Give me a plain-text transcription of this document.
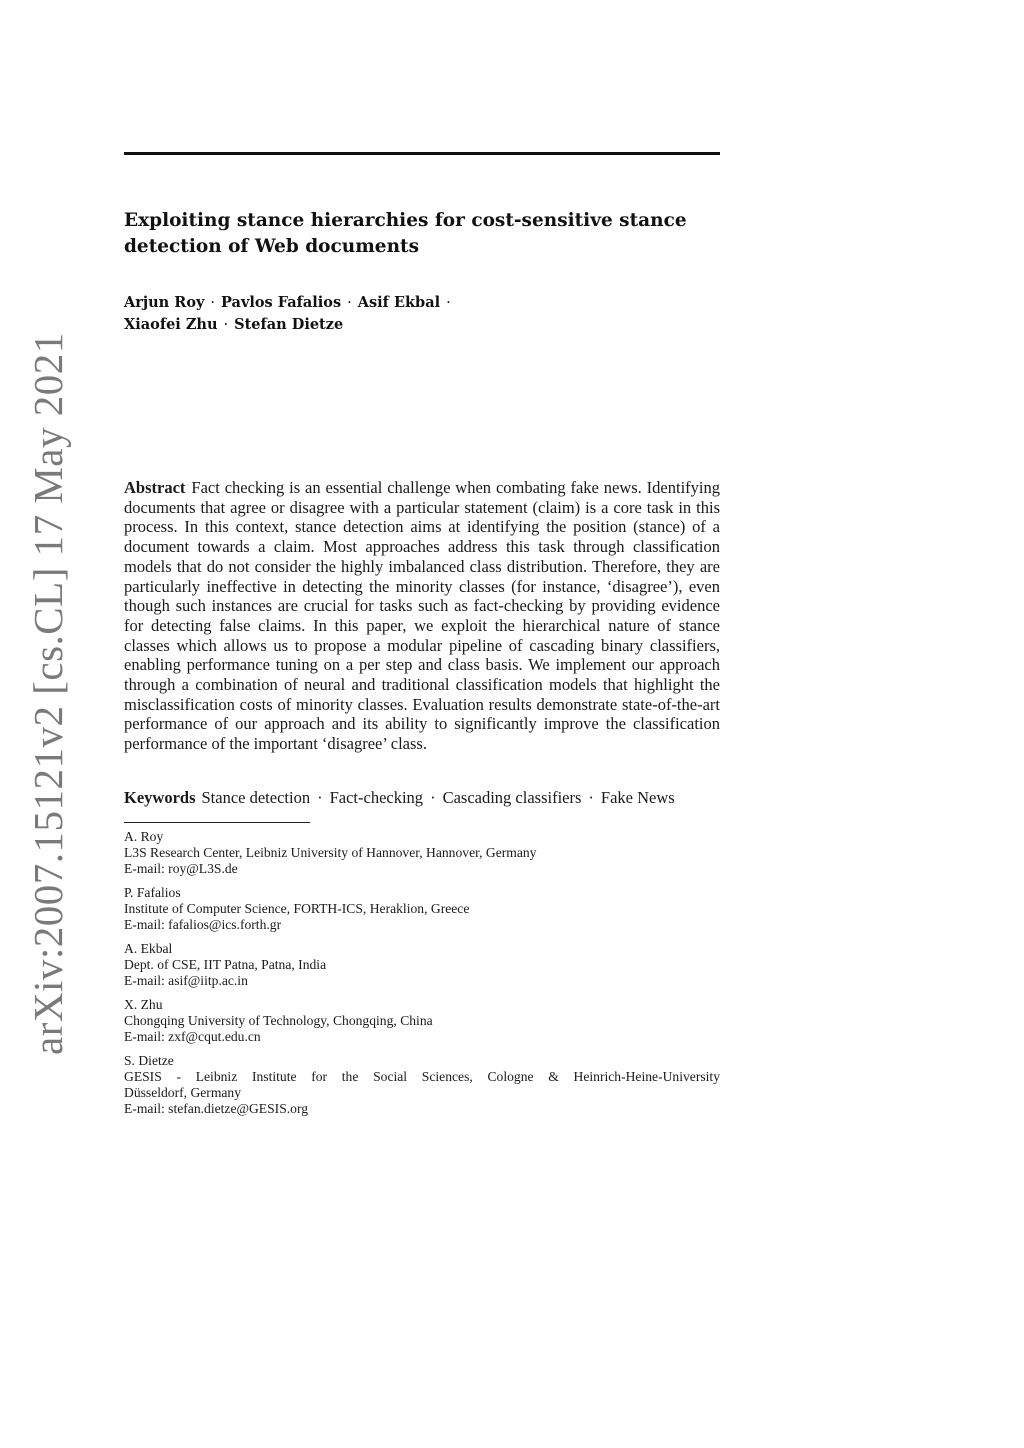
arXiv:2007.15121v2 [cs.CL] 17 May 2021
Exploiting stance hierarchies for cost-sensitive stance detection of Web documents
Arjun Roy · Pavlos Fafalios · Asif Ekbal ·
Xiaofei Zhu · Stefan Dietze
Abstract Fact checking is an essential challenge when combating fake news. Identifying documents that agree or disagree with a particular statement (claim) is a core task in this process. In this context, stance detection aims at identifying the position (stance) of a document towards a claim. Most approaches address this task through classification models that do not consider the highly imbalanced class distribution. Therefore, they are particularly ineffective in detecting the minority classes (for instance, ‘disagree’), even though such instances are crucial for tasks such as fact-checking by providing evidence for detecting false claims. In this paper, we exploit the hierarchical nature of stance classes which allows us to propose a modular pipeline of cascading binary classifiers, enabling performance tuning on a per step and class basis. We implement our approach through a combination of neural and traditional classification models that highlight the misclassification costs of minority classes. Evaluation results demonstrate state-of-the-art performance of our approach and its ability to significantly improve the classification performance of the important ‘disagree’ class.
Keywords Stance detection · Fact-checking · Cascading classifiers · Fake News
A. Roy
L3S Research Center, Leibniz University of Hannover, Hannover, Germany
E-mail: roy@L3S.de
P. Fafalios
Institute of Computer Science, FORTH-ICS, Heraklion, Greece
E-mail: fafalios@ics.forth.gr
A. Ekbal
Dept. of CSE, IIT Patna, Patna, India
E-mail: asif@iitp.ac.in
X. Zhu
Chongqing University of Technology, Chongqing, China
E-mail: zxf@cqut.edu.cn
S. Dietze
GESIS - Leibniz Institute for the Social Sciences, Cologne & Heinrich-Heine-University
Düsseldorf, Germany
E-mail: stefan.dietze@GESIS.org
